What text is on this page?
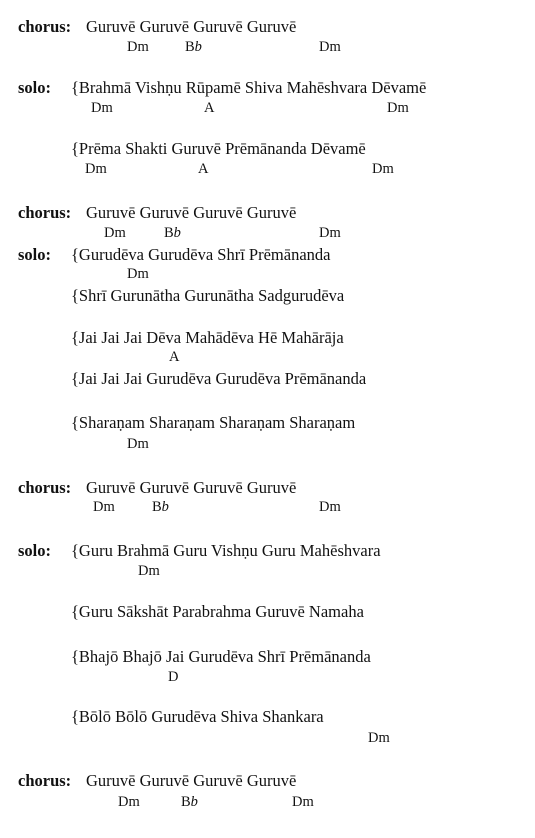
chorus: Guruvē Guruvē Guruvē Guruvē
Dm	Bb	Dm
solo: {Brahmā Vishṇu Rūpamē Shiva Mahēshvara Dēvamē
Dm	A	Dm
{Prēma Shakti Guruvē Prēmānanda Dēvamē
Dm	A	Dm
chorus: Guruvē Guruvē Guruvē Guruvē
Dm	Bb	Dm
solo: {Gurudēva Gurudēva Shrī Prēmānanda
Dm
{Shrī Gurunātha Gurunātha Sadgurudēva
{Jai Jai Jai Dēva Mahādēva Hē Mahārāja
A
{Jai Jai Jai Gurudēva Gurudēva Prēmānanda
{Sharaṇam Sharaṇam Sharaṇam Sharaṇam
Dm
chorus: Guruvē Guruvē Guruvē Guruvē
Dm	Bb	Dm
solo: {Guru Brahmā Guru Vishṇu Guru Mahēshvara
Dm
{Guru Sākshāt Parabrahma Guruvē Namaha
{Bhajō Bhajō Jai Gurudēva Shrī Prēmānanda
D
{Bōlō Bōlō Gurudēva Shiva Shankara
Dm
chorus: Guruvē Guruvē Guruvē Guruvē
Dm	Bb	Dm
